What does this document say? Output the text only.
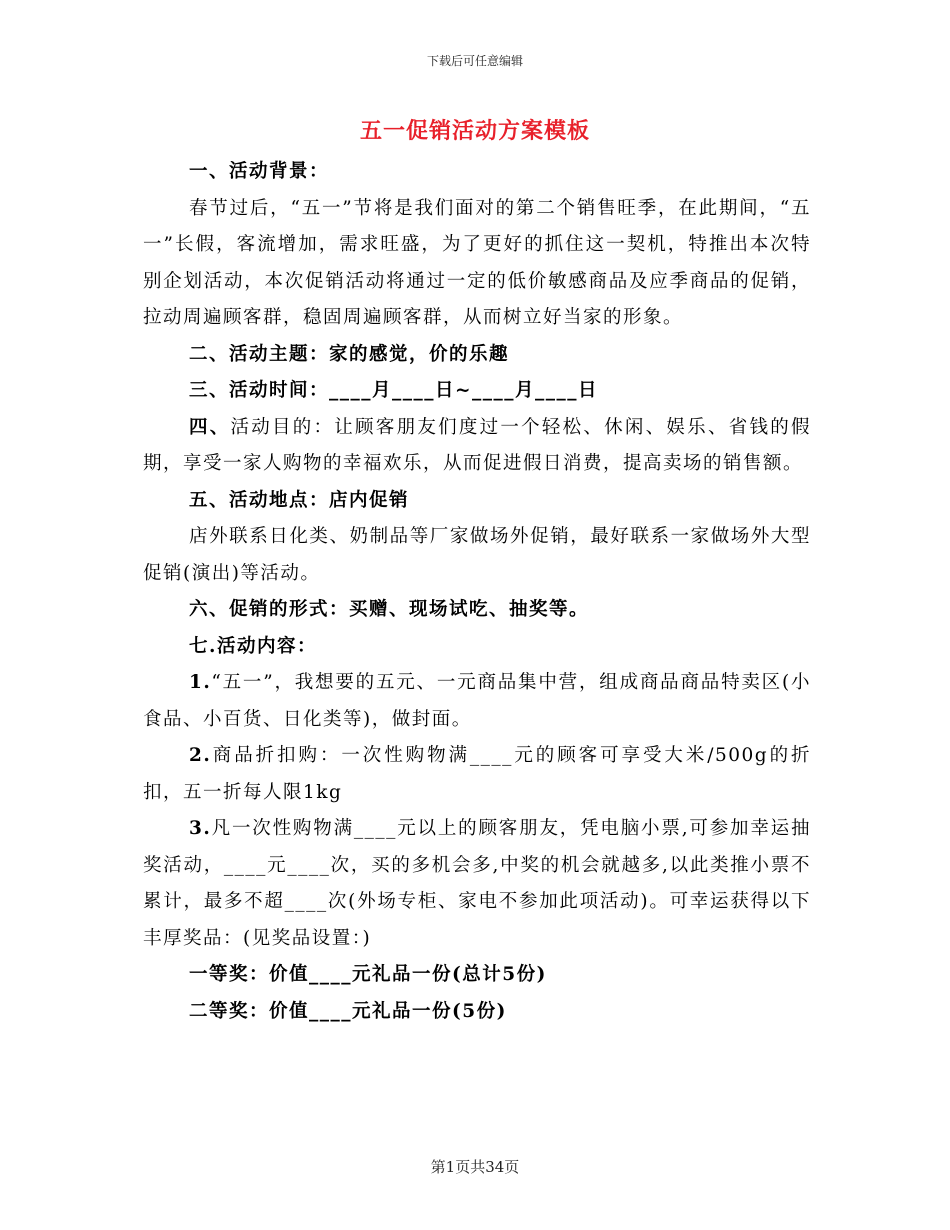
下载后可任意编辑
五一促销活动方案模板

一、活动背景：

春节过后，“五一”节将是我们面对的第二个销售旺季，在此期间，“五一”长假，客流增加，需求旺盛，为了更好的抓住这一契机，特推出本次特别企划活动，本次促销活动将通过一定的低价敏感商品及应季商品的促销，拉动周遍顾客群，稳固周遍顾客群，从而树立好当家的形象。

二、活动主题：家的感觉，价的乐趣

三、活动时间：____月____日~____月____日

四、活动目的：让顾客朋友们度过一个轻松、休闲、娱乐、省钱的假期，享受一家人购物的幸福欢乐，从而促进假日消费，提高卖场的销售额。

五、活动地点：店内促销

店外联系日化类、奶制品等厂家做场外促销，最好联系一家做场外大型促销(演出)等活动。

六、促销的形式：买赠、现场试吃、抽奖等。

七.活动内容：

1.“五一”，我想要的五元、一元商品集中营，组成商品商品特卖区(小食品、小百货、日化类等)，做封面。

2.商品折扣购：一次性购物满____元的顾客可享受大米/500g的折扣，五一折每人限1kg

3.凡一次性购物满____元以上的顾客朋友，凭电脑小票,可参加幸运抽奖活动，____元____次，买的多机会多,中奖的机会就越多,以此类推小票不累计，最多不超____次(外场专柜、家电不参加此项活动)。可幸运获得以下丰厚奖品：(见奖品设置：)

一等奖：价值____元礼品一份(总计5份)

二等奖：价值____元礼品一份(5份)

第1页共34页
